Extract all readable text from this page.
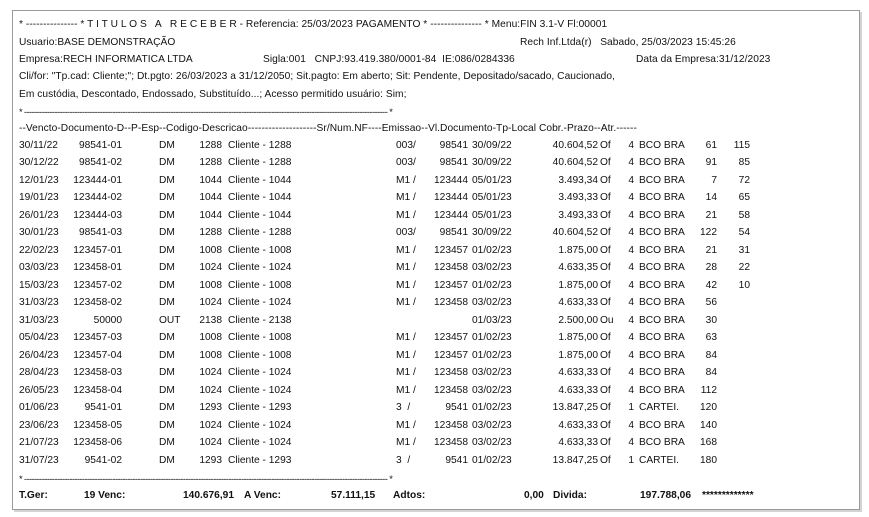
* --------------- * T I T U L O S   A   R E C E B E R - Referencia: 25/03/2023 PAGAMENTO * --------------- * Menu:FIN 3.1-V Fl:00001
Usuario:BASE DEMONSTRAÇÃO	Rech Inf.Ltda(r)   Sabado, 25/03/2023 15:45:26
Empresa:RECH INFORMATICA LTDA	Sigla:001   CNPJ:93.419.380/0001-84  IE:086/0284336	Data da Empresa:31/12/2023
Cli/for: "Tp.cad: Cliente;"; Dt.pgto: 26/03/2023 a 31/12/2050; Sit.pagto: Em aberto; Sit: Pendente, Depositado/sacado, Caucionado,
Em custódia, Descontado, Endossado, Substituído...; Acesso permitido usuário: Sim;
* ------------------------------------------------------------------------------------------------------------------------------------------------ *
--Vencto-Documento-D--P-Esp--Codigo-Descricao--------------------Sr/Num.NF----Emissao--Vl.Documento-Tp-Local Cobr.-Prazo--Atr.------
30/11/22 98541-01	DM 1288 Cliente - 1288	003/ 98541 30/09/22	40.604,52 Of 4 BCO BRA 61 115
30/12/22 98541-02	DM 1288 Cliente - 1288	003/ 98541 30/09/22	40.604,52 Of 4 BCO BRA 91 85
12/01/23 123444-01	DM 1044 Cliente - 1044	M1 / 123444 05/01/23	3.493,34 Of 4 BCO BRA	7 72
19/01/23 123444-02	DM 1044 Cliente - 1044	M1 / 123444 05/01/23	3.493,33 Of 4 BCO BRA 14 65
26/01/23 123444-03	DM 1044 Cliente - 1044	M1 / 123444 05/01/23	3.493,33 Of 4 BCO BRA 21 58
30/01/23 98541-03	DM 1288 Cliente - 1288	003/ 98541 30/09/22	40.604,52 Of 4 BCO BRA 122 54
22/02/23 123457-01	DM 1008 Cliente - 1008	M1 / 123457 01/02/23	1.875,00 Of 4 BCO BRA 21 31
03/03/23 123458-01	DM 1024 Cliente - 1024	M1 / 123458 03/02/23	4.633,35 Of 4 BCO BRA 28 22
15/03/23 123457-02	DM 1008 Cliente - 1008	M1 / 123457 01/02/23	1.875,00 Of 4 BCO BRA 42 10
31/03/23 123458-02	DM 1024 Cliente - 1024	M1 / 123458 03/02/23	4.633,33 Of 4 BCO BRA 56
31/03/23	50000	OUT 2138 Cliente - 2138	01/03/23	2.500,00 Ou 4 BCO BRA 30
05/04/23 123457-03	DM 1008 Cliente - 1008	M1 / 123457 01/02/23	1.875,00 Of 4 BCO BRA 63
26/04/23 123457-04	DM 1008 Cliente - 1008	M1 / 123457 01/02/23	1.875,00 Of 4 BCO BRA 84
28/04/23 123458-03	DM 1024 Cliente - 1024	M1 / 123458 03/02/23	4.633,33 Of 4 BCO BRA 84
26/05/23 123458-04	DM 1024 Cliente - 1024	M1 / 123458 03/02/23	4.633,33 Of 4 BCO BRA 112
01/06/23	9541-01	DM 1293 Cliente - 1293	3  /	9541 01/02/23	13.847,25 Of 1 CARTEI. 120
23/06/23 123458-05	DM 1024 Cliente - 1024	M1 / 123458 03/02/23	4.633,33 Of 4 BCO BRA 140
21/07/23 123458-06	DM 1024 Cliente - 1024	M1 / 123458 03/02/23	4.633,33 Of 4 BCO BRA 168
31/07/23	9541-02	DM 1293 Cliente - 1293	3  /	9541 01/02/23	13.847,25 Of 1 CARTEI. 180
* ------------------------------------------------------------------------------------------------------------------------------------------------ *
T.Ger:	19 Venc:	140.676,91 A Venc:	57.111,15 Adtos:	0,00 Divida:	197.788,06 *************
